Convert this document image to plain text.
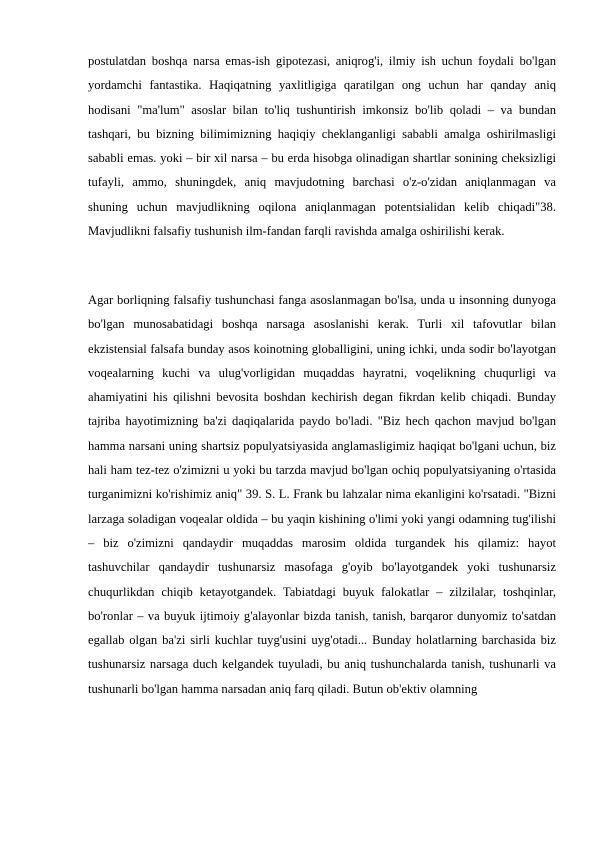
postulatdan boshqa narsa emas-ish gipotezasi, aniqrog'i, ilmiy ish uchun foydali bo'lgan yordamchi fantastika. Haqiqatning yaxlitligiga qaratilgan ong uchun har qanday aniq hodisani "ma'lum" asoslar bilan to'liq tushuntirish imkonsiz bo'lib qoladi – va bundan tashqari, bu bizning bilimimizning haqiqiy cheklanganligi sababli amalga oshirilmasligi sababli emas. yoki – bir xil narsa – bu erda hisobga olinadigan shartlar sonining cheksizligi tufayli, ammo, shuningdek, aniq mavjudotning barchasi o'z-o'zidan aniqlanmagan va shuning uchun mavjudlikning oqilona aniqlanmagan potentsialidan kelib chiqadi"38. Mavjudlikni falsafiy tushunish ilm-fandan farqli ravishda amalga oshirilishi kerak.

Agar borliqning falsafiy tushunchasi fanga asoslanmagan bo'lsa, unda u insonning dunyoga bo'lgan munosabatidagi boshqa narsaga asoslanishi kerak. Turli xil tafovutlar bilan ekzistensial falsafa bunday asos koinotning globalligini, uning ichki, unda sodir bo'layotgan voqealarning kuchi va ulug'vorligidan muqaddas hayratni, voqelikning chuqurligi va ahamiyatini his qilishni bevosita boshdan kechirish degan fikrdan kelib chiqadi. Bunday tajriba hayotimizning ba'zi daqiqalarida paydo bo'ladi. "Biz hech qachon mavjud bo'lgan hamma narsani uning shartsiz populyatsiyasida anglamasligimiz haqiqat bo'lgani uchun, biz hali ham tez-tez o'zimizni u yoki bu tarzda mavjud bo'lgan ochiq populyatsiyaning o'rtasida turganimizni ko'rishimiz aniq" 39. S. L. Frank bu lahzalar nima ekanligini ko'rsatadi. "Bizni larzaga soladigan voqealar oldida – bu yaqin kishining o'limi yoki yangi odamning tug'ilishi – biz o'zimizni qandaydir muqaddas marosim oldida turgandek his qilamiz: hayot tashuvchilar qandaydir tushunarsiz masofaga g'oyib bo'layotgandek yoki tushunarsiz chuqurlikdan chiqib ketayotgandek. Tabiatdagi buyuk falokatlar – zilzilalar, toshqinlar, bo'ronlar – va buyuk ijtimoiy g'alayonlar bizda tanish, tanish, barqaror dunyomiz to'satdan egallab olgan ba'zi sirli kuchlar tuyg'usini uyg'otadi... Bunday holatlarning barchasida biz tushunarsiz narsaga duch kelgandek tuyuladi, bu aniq tushunchalarda tanish, tushunarli va tushunarli bo'lgan hamma narsadan aniq farq qiladi. Butun ob'ektiv olamning
